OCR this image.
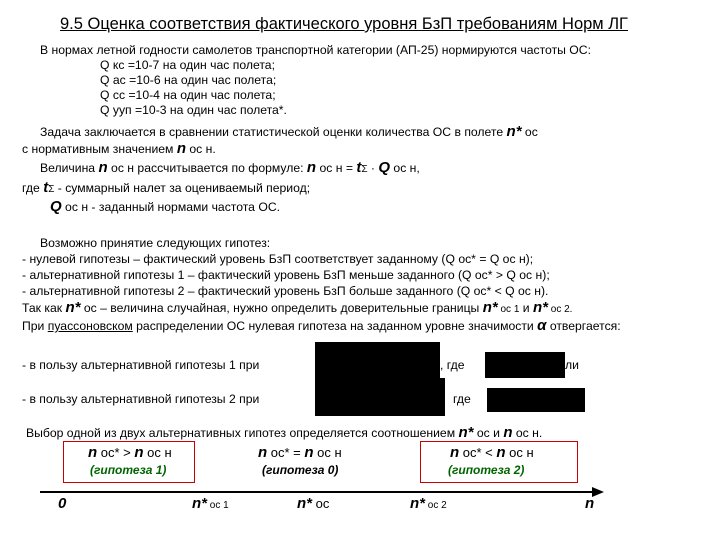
9.5 Оценка соответствия фактического уровня БзП требованиям Норм ЛГ
В нормах летной годности самолетов транспортной категории (АП-25) нормируются частоты ОС:
Q кс =10-7 на один час полета;
Q ас =10-6 на один час полета;
Q сс =10-4 на один час полета;
Q ууп =10-3 на один час полета*.
Задача заключается в сравнении статистической оценки количества ОС в полете n* ос
с нормативным значением n ос н.
Величина n ос н рассчитывается по формуле: n ос н = tΣ · Q ос н,
где tΣ - суммарный налет за оцениваемый период;
Q ос н - заданный нормами частота ОС.
Возможно принятие следующих гипотез:
- нулевой гипотезы – фактический уровень БзП соответствует заданному (Q ос* = Q ос н);
- альтернативной гипотезы 1 – фактический уровень БзП меньше заданного (Q ос* > Q ос н);
- альтернативной гипотезы 2 – фактический уровень БзП больше заданного (Q ос* < Q ос н).
Так как n* ос – величина случайная, нужно определить доверительные границы n* ос 1 и n* ос 2.
При пуассоновском распределении ОС нулевая гипотеза на заданном уровне значимости α отвергается:
- в пользу альтернативной гипотезы 1 при	, где	ли
- в пользу альтернативной гипотезы 2 при	где
Выбор одной из двух альтернативных гипотез определяется соотношением n* ос и n ос н.
n ос* > n ос н	n ос* = n ос н	n ос* < n ос н
(гипотеза 1)	(гипотеза 0)	(гипотеза 2)
0	n* ос 1	n* ос	n* ос 2	n
